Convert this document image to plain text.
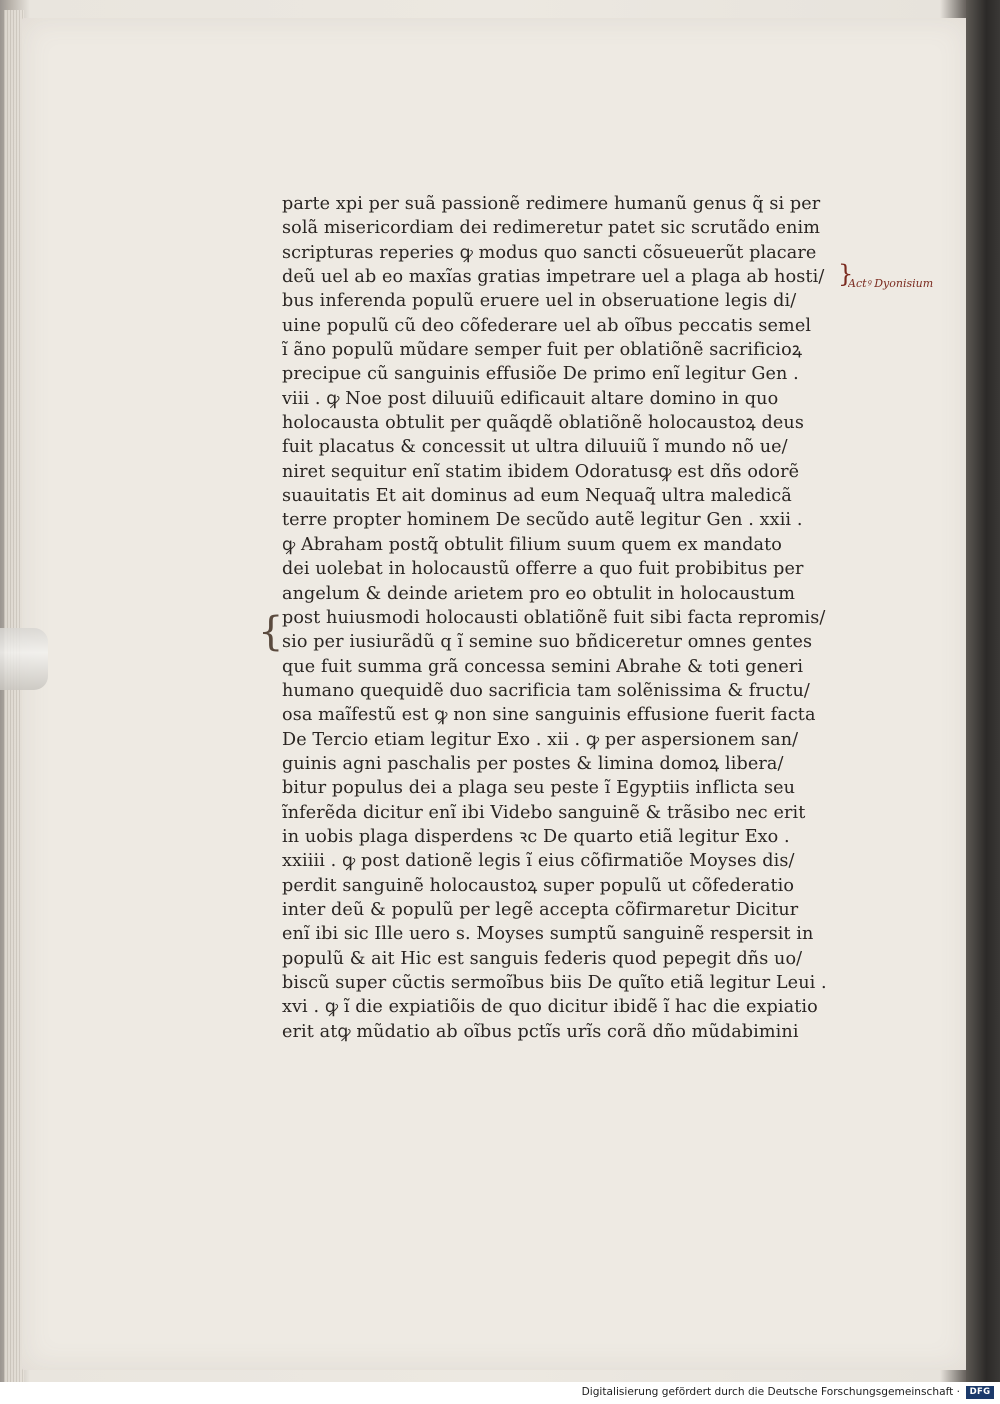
parte xpi per suã passionẽ redimere humanũ genus q̃ si per
solã misericordiam dei redimeretur patet sic scrutãdo enim
scripturas reperies ꝙ modus quo sancti cõsueuerũt placare
deũ uel ab eo maxĩas gratias impetrare uel a plaga ab hosti/
bus inferenda populũ eruere uel in obseruatione legis di/
uine populũ cũ deo cõfederare uel ab oĩbus peccatis semel
ĩ ãno populũ mũdare semper fuit per oblatiõnẽ sacrificioꝝ
precipue cũ sanguinis effusiõe De primo enĩ legitur Gen .
viii . ꝙ Noe post diluuiũ edificauit altare domino in quo
holocausta obtulit per quãqdẽ oblatiõnẽ holocaustoꝝ deus
fuit placatus & concessit ut ultra diluuiũ ĩ mundo nõ ue/
niret sequitur enĩ statim ibidem Odoratusꝙ est dñs odorẽ
suauitatis Et ait dominus ad eum Nequaq̃ ultra maledicã
terre propter hominem De secũdo autẽ legitur Gen . xxii .
ꝙ Abraham postq̃ obtulit filium suum quem ex mandato
dei uolebat in holocaustũ offerre a quo fuit probibitus per
angelum & deinde arietem pro eo obtulit in holocaustum
post huiusmodi holocausti oblatiõnẽ fuit sibi facta repromis/
sio per iusiurãdũ q ĩ semine suo bñdiceretur omnes gentes
que fuit summa grã concessa semini Abrahe & toti generi
humano quequidẽ duo sacrificia tam solẽnissima & fructu/
osa maĩfestũ est ꝙ non sine sanguinis effusione fuerit facta
De Tercio etiam legitur Exo . xii . ꝙ per aspersionem san/
guinis agni paschalis per postes & limina domoꝝ libera/
bitur populus dei a plaga seu peste ĩ Egyptiis inflicta seu
ĩnferẽda dicitur enĩ ibi Videbo sanguinẽ & trãsibo nec erit
in uobis plaga disperdens ꝛc De quarto etiã legitur Exo .
xxiiii . ꝙ post dationẽ legis ĩ eius cõfirmatiõe Moyses dis/
perdit sanguinẽ holocaustoꝝ super populũ ut cõfederatio
inter deũ & populũ per legẽ accepta cõfirmaretur Dicitur
enĩ ibi sic Ille uero s. Moyses sumptũ sanguinẽ respersit in
populũ & ait Hic est sanguis federis quod pepegit dñs uo/
biscũ super cũctis sermoĩbus biis De quĩto etiã legitur Leui .
xvi . ꝙ ĩ die expiatiõis de quo dicitur ibidẽ ĩ hac die expiatio
erit atꝙ mũdatio ab oĩbus pctĩs urĩs corã dño mũdabimini
}
Actꝰ Dyonisium
{
Digitalisierung gefördert durch die Deutsche Forschungsgemeinschaft ·	DFG
